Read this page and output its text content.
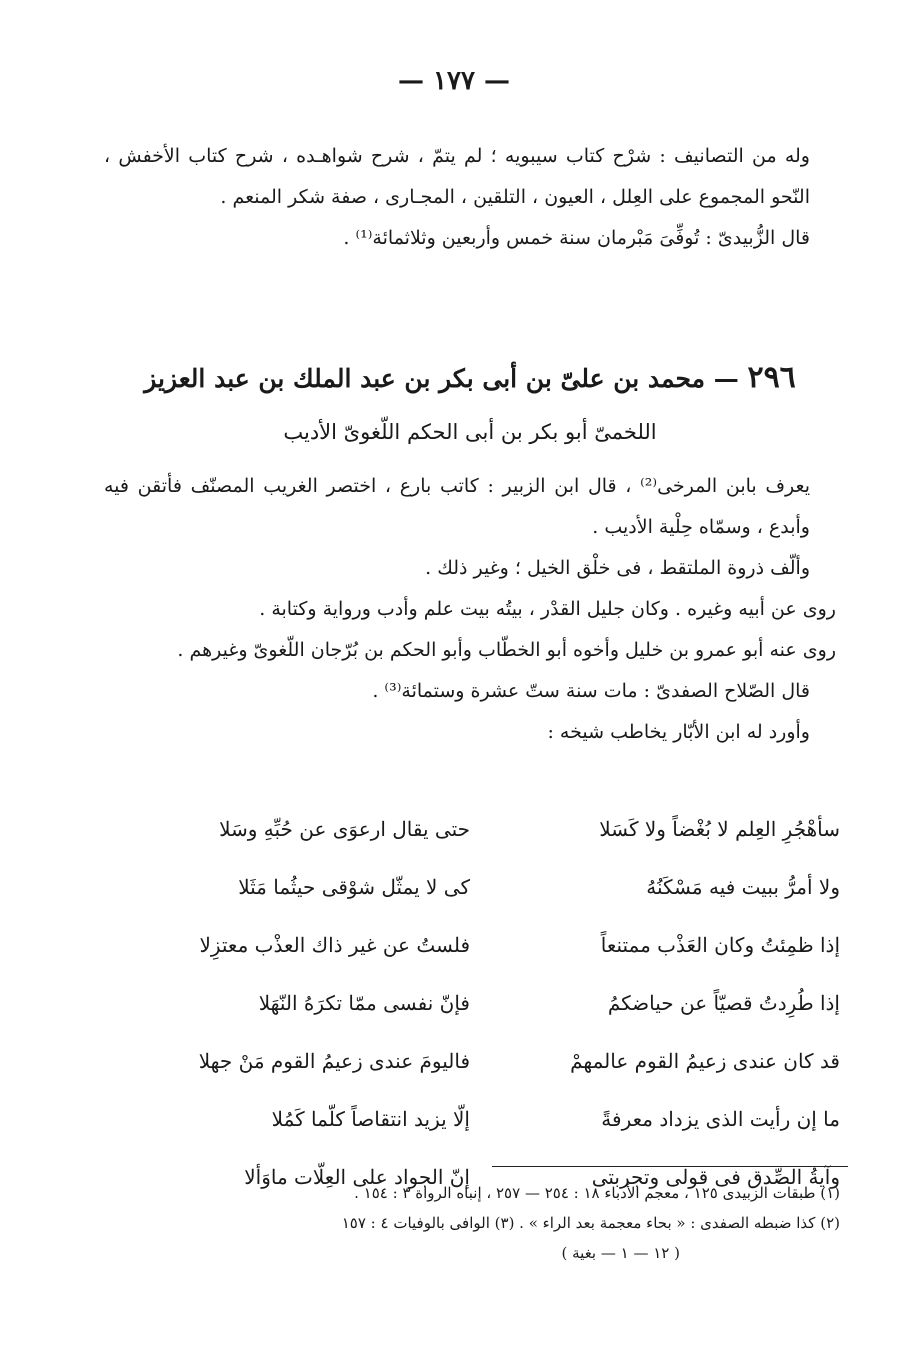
— ١٧٧ —

وله من التصانيف : شرْح كتاب سيبويه ؛ لم يتمّ ، شرح شواهـده ، شرح كتاب الأخفش ، النّحو المجموع على العِلل ، العيون ، التلقين ، المجـارى ، صفة شكر المنعم .

قال الزُّبيدىّ : تُوفِّىَ مَبْرمان سنة خمس وأربعين وثلاثمائة⁽¹⁾ .

٢٩٦ — محمد بن علىّ بن أبى بكر بن عبد الملك بن عبد العزيز
اللخمىّ أبو بكر بن أبى الحكم اللّغوىّ الأديب

يعرف بابن المرخى⁽²⁾ ، قال ابن الزبير : كاتب بارع ، اختصر الغريب المصنّف فأتقن فيه وأبدع ، وسمّاه حِلْية الأديب .

وألّف ذروة الملتقط ، فى خلْق الخيل ؛ وغير ذلك .

روى عن أبيه وغيره . وكان جليل القدْر ، بيتُه بيت علم وأدب ورواية وكتابة .

روى عنه أبو عمرو بن خليل وأخوه أبو الخطّاب وأبو الحكم بن بُرّجان اللّغوىّ وغيرهم .

قال الصّلاح الصفدىّ : مات سنة ستّ عشرة وستمائة⁽³⁾ .

وأورد له ابن الأبّار يخاطب شيخه :

سأهْجُرِ العِلم لا بُغْضاً ولا كَسَلا
حتى يقال ارعوَى عن حُبِّهِ وسَلا
ولا أمرُّ ببيت فيه مَسْكَنُهُ
كى لا يمثّل شوْقى حيثُما مَثَلا
إذا ظمِئتُ وكان العَذْب ممتنعاً
فلستُ عن غير ذاك العذْب معتزِلا
إذا طُرِدتُ قصيّاً عن حياضكمُ
فإنّ نفسى ممّا تكرَهُ النّهَلا
قد كان عندى زعيمُ القوم عالمهمْ
فاليومَ عندى زعيمُ القوم مَنْ جهلا
ما إن رأيت الذى يزداد معرفةً
إلّا يزيد انتقاصاً كلّما كَمُلا
وآيةُ الصِّدق فى قولى وتجربتى
إنّ الجواد على العِلّات ماوَألا
(١) طبقات الزبيدى ١٢٥ ، معجم الأدباء ١٨ : ٢٥٤ — ٢٥٧ ، إنباه الرواة ٣ : ١٥٤ .
(٢) كذا ضبطه الصفدى : « بحاء معجمة بعد الراء » . (٣) الوافى بالوفيات ٤ : ١٥٧
( ١٢ — ١ — بغية )
